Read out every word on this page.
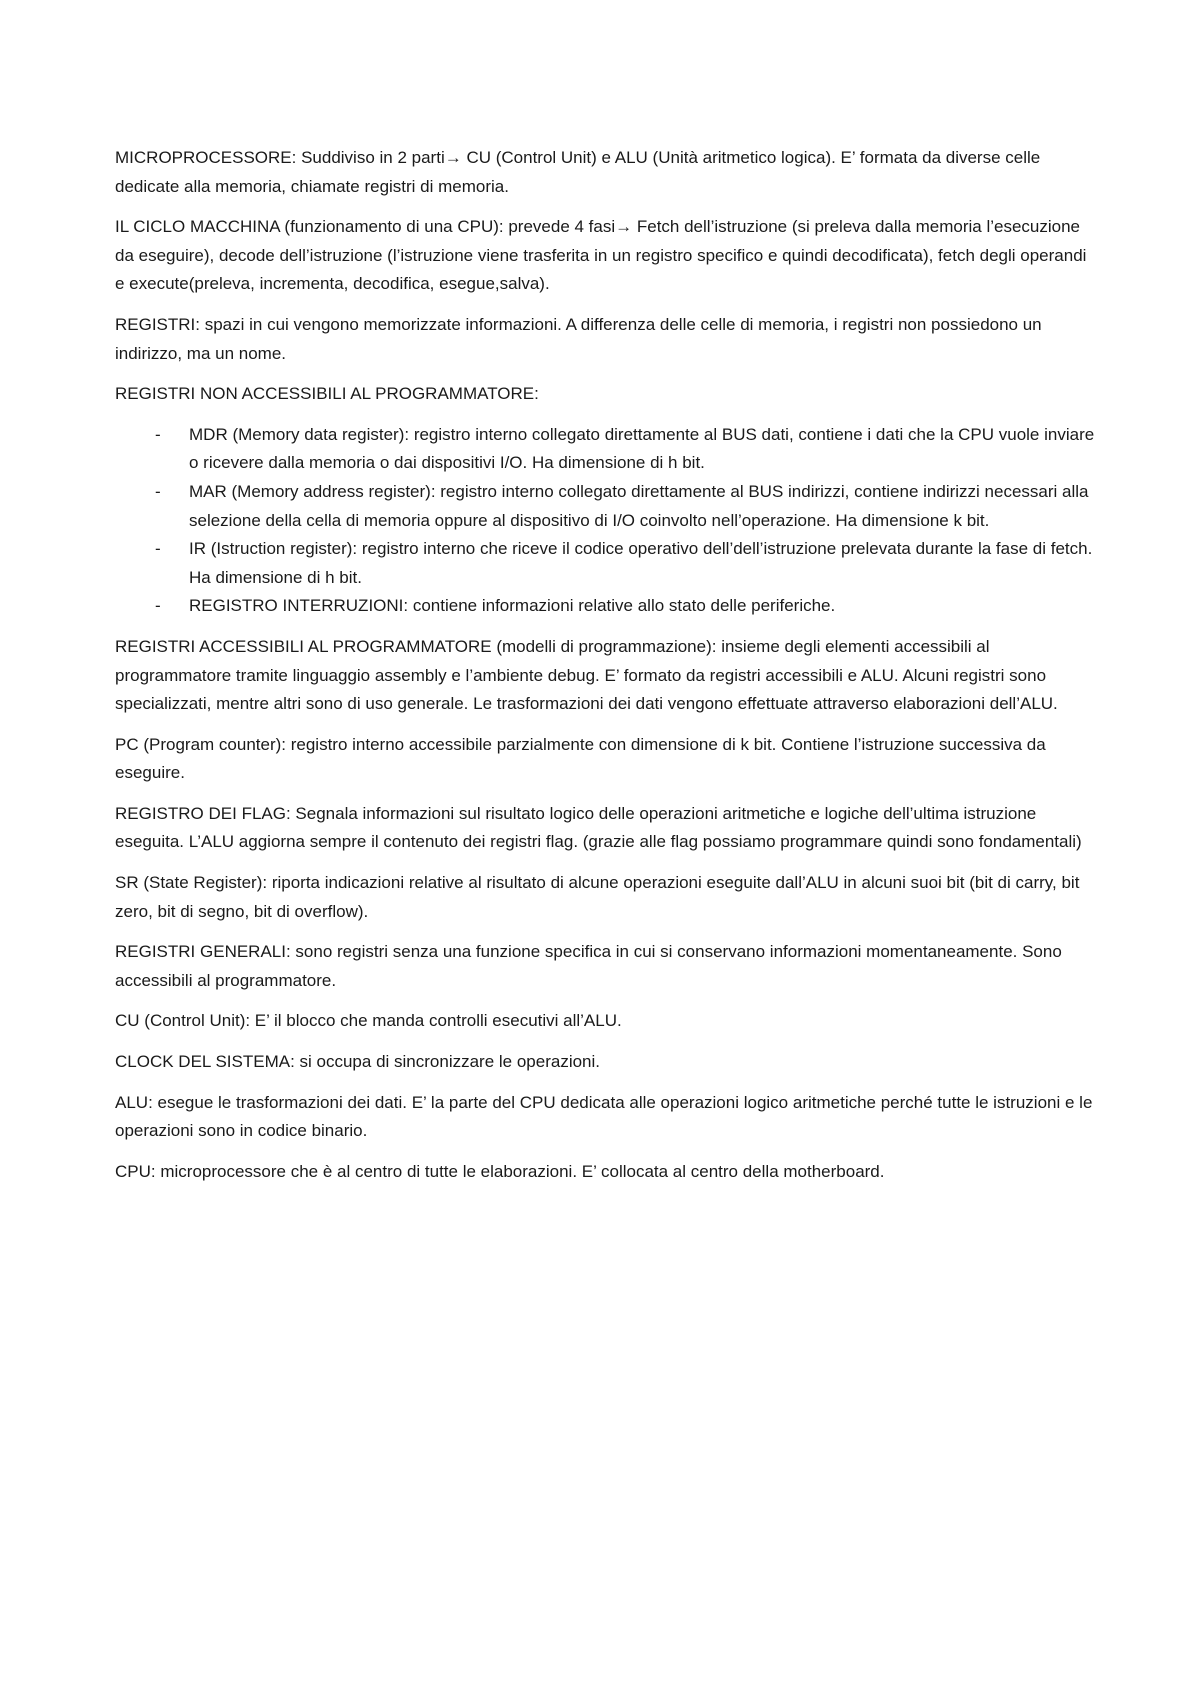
MICROPROCESSORE: Suddiviso in 2 parti→ CU (Control Unit) e ALU (Unità aritmetico logica). E’ formata da diverse celle dedicate alla memoria, chiamate registri di memoria.

IL CICLO MACCHINA (funzionamento di una CPU): prevede 4 fasi→ Fetch dell’istruzione (si preleva dalla memoria l’esecuzione da eseguire), decode dell’istruzione (l’istruzione viene trasferita in un registro specifico e quindi decodificata), fetch degli operandi e execute(preleva, incrementa, decodifica, esegue,salva).

REGISTRI: spazi in cui vengono memorizzate informazioni. A differenza delle celle di memoria, i registri non possiedono un indirizzo, ma un nome.

REGISTRI NON ACCESSIBILI AL PROGRAMMATORE:

- MDR (Memory data register): registro interno collegato direttamente al BUS dati, contiene i dati che la CPU vuole inviare o ricevere dalla memoria o dai dispositivi I/O. Ha dimensione di h bit.
- MAR (Memory address register): registro interno collegato direttamente al BUS indirizzi, contiene indirizzi necessari alla selezione della cella di memoria oppure al dispositivo di I/O coinvolto nell’operazione. Ha dimensione k bit.
- IR (Istruction register): registro interno che riceve il codice operativo dell’dell’istruzione prelevata durante la fase di fetch. Ha dimensione di h bit.
- REGISTRO INTERRUZIONI: contiene informazioni relative allo stato delle periferiche.

REGISTRI ACCESSIBILI AL PROGRAMMATORE (modelli di programmazione): insieme degli elementi accessibili al programmatore tramite linguaggio assembly e l’ambiente debug. E’ formato da registri accessibili e ALU. Alcuni registri sono specializzati, mentre altri sono di uso generale. Le trasformazioni dei dati vengono effettuate attraverso elaborazioni dell’ALU.

PC (Program counter): registro interno accessibile parzialmente con dimensione di k bit. Contiene l’istruzione successiva da eseguire.

REGISTRO DEI FLAG: Segnala informazioni sul risultato logico delle operazioni aritmetiche e logiche dell’ultima istruzione eseguita. L’ALU aggiorna sempre il contenuto dei registri flag. (grazie alle flag possiamo programmare quindi sono fondamentali)

SR (State Register): riporta indicazioni relative al risultato di alcune operazioni eseguite dall’ALU in alcuni suoi bit (bit di carry, bit zero, bit di segno, bit di overflow).

REGISTRI GENERALI: sono registri senza una funzione specifica in cui si conservano informazioni momentaneamente. Sono accessibili al programmatore.

CU (Control Unit): E’ il blocco che manda controlli esecutivi all’ALU.

CLOCK DEL SISTEMA: si occupa di sincronizzare le operazioni.

ALU: esegue le trasformazioni dei dati. E’ la parte del CPU dedicata alle operazioni logico aritmetiche perché tutte le istruzioni e le operazioni sono in codice binario.

CPU: microprocessore che è al centro di tutte le elaborazioni. E’ collocata al centro della motherboard.
